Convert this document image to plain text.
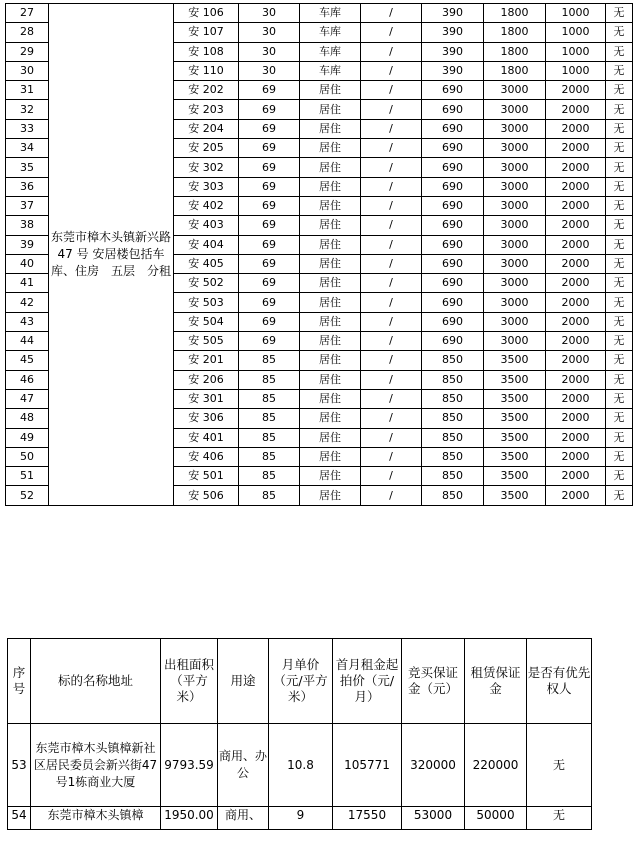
27	东莞市樟木头镇新兴路 47 号 安居楼包括车库、住房　五层　分租	安 106	30	车库	/	390	1800	1000	无
28		安 107	30	车库	/	390	1800	1000	无
29		安 108	30	车库	/	390	1800	1000	无
30		安 110	30	车库	/	390	1800	1000	无
31		安 202	69	居住	/	690	3000	2000	无
32		安 203	69	居住	/	690	3000	2000	无
33		安 204	69	居住	/	690	3000	2000	无
34		安 205	69	居住	/	690	3000	2000	无
35		安 302	69	居住	/	690	3000	2000	无
36		安 303	69	居住	/	690	3000	2000	无
37		安 402	69	居住	/	690	3000	2000	无
38		安 403	69	居住	/	690	3000	2000	无
39		安 404	69	居住	/	690	3000	2000	无
40		安 405	69	居住	/	690	3000	2000	无
41		安 502	69	居住	/	690	3000	2000	无
42		安 503	69	居住	/	690	3000	2000	无
43		安 504	69	居住	/	690	3000	2000	无
44		安 505	69	居住	/	690	3000	2000	无
45		安 201	85	居住	/	850	3500	2000	无
46		安 206	85	居住	/	850	3500	2000	无
47		安 301	85	居住	/	850	3500	2000	无
48		安 306	85	居住	/	850	3500	2000	无
49		安 401	85	居住	/	850	3500	2000	无
50		安 406	85	居住	/	850	3500	2000	无
51		安 501	85	居住	/	850	3500	2000	无
52		安 506	85	居住	/	850	3500	2000	无
序号	标的名称地址	出租面积（平方米）	用途	月单价（元/平方米）	首月租金起拍价（元/月）	竞买保证金（元）	租赁保证金	是否有优先权人
53	东莞市樟木头镇樟新社区居民委员会新兴街47号1栋商业大厦	9793.59	商用、办公	10.8	105771	320000	220000	无
54	东莞市樟木头镇樟	1950.00	商用、	9	17550	53000	50000	无
